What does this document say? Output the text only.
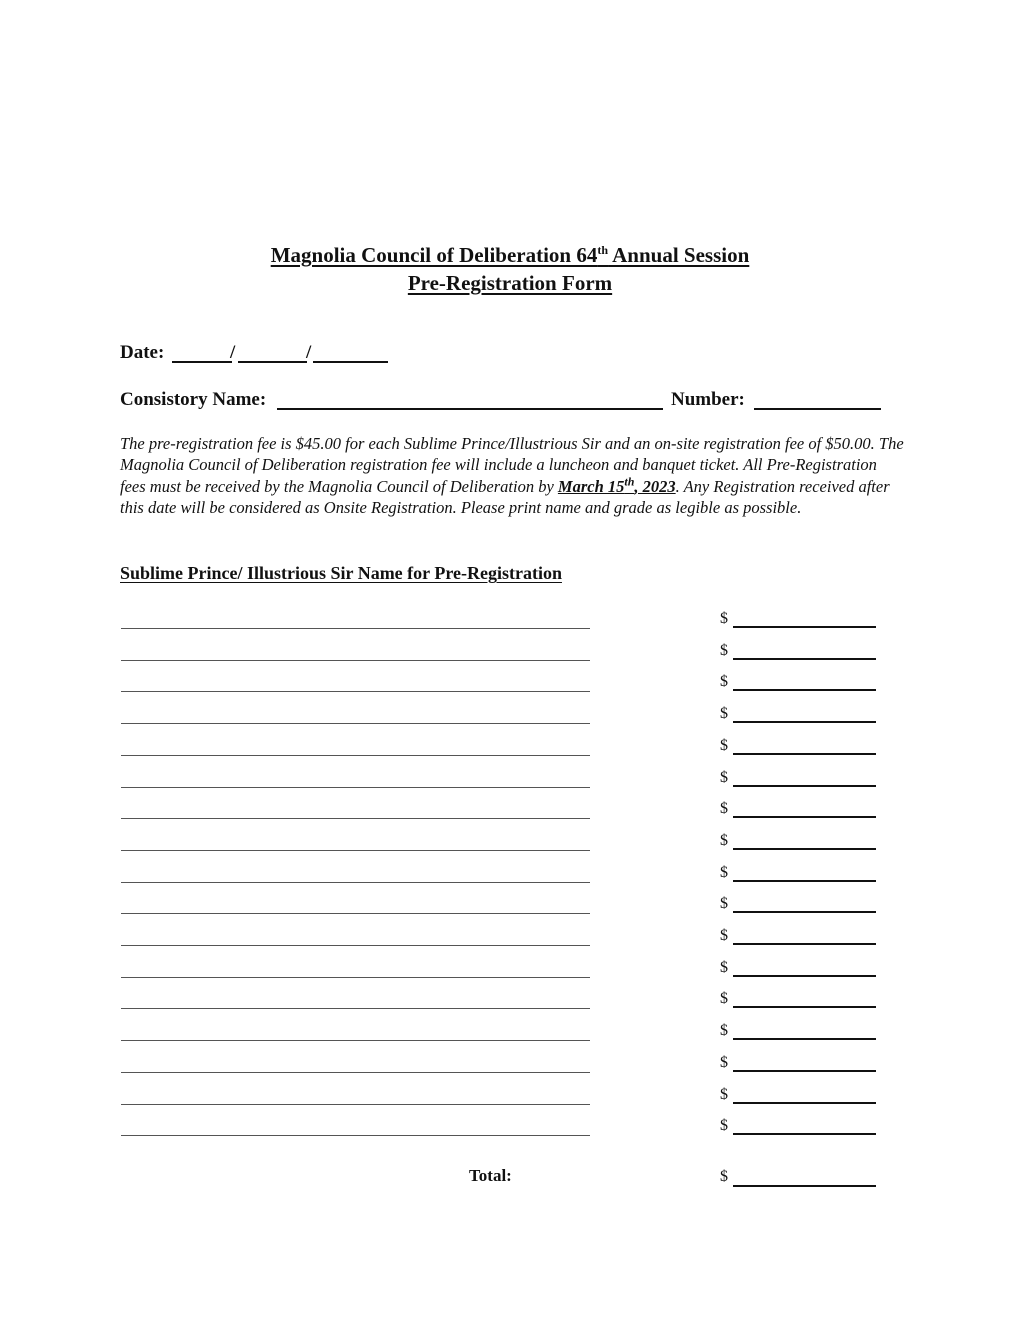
Magnolia Council of Deliberation 64th Annual Session
Pre-Registration Form
Date:	/	/
Consistory Name:	Number:
The pre-registration fee is $45.00 for each Sublime Prince/Illustrious Sir and an on-site registration fee of $50.00. The Magnolia Council of Deliberation registration fee will include a luncheon and banquet ticket. All Pre-Registration fees must be received by the Magnolia Council of Deliberation by March 15th, 2023. Any Registration received after this date will be considered as Onsite Registration. Please print name and grade as legible as possible.
Sublime Prince/ Illustrious Sir Name for Pre-Registration
$
$
$
$
$
$
$
$
$
$
$
$
$
$
$
$
$
Total:	$
